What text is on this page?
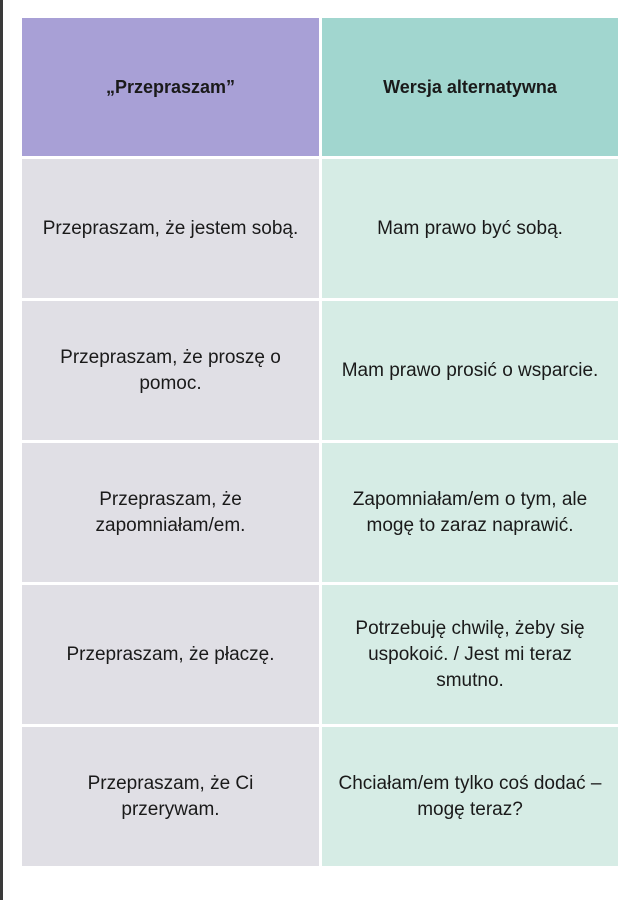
„Przepraszam”	Wersja alternatywna
Przepraszam, że jestem sobą.	Mam prawo być sobą.
Przepraszam, że proszę o pomoc.
Mam prawo prosić o wsparcie.
Przepraszam, że zapomniałam/em.
Zapomniałam/em o tym, ale mogę to zaraz naprawić.
Przepraszam, że płaczę.
Potrzebuję chwilę, żeby się uspokoić. / Jest mi teraz smutno.
Przepraszam, że Ci przerywam.
Chciałam/em tylko coś dodać – mogę teraz?
